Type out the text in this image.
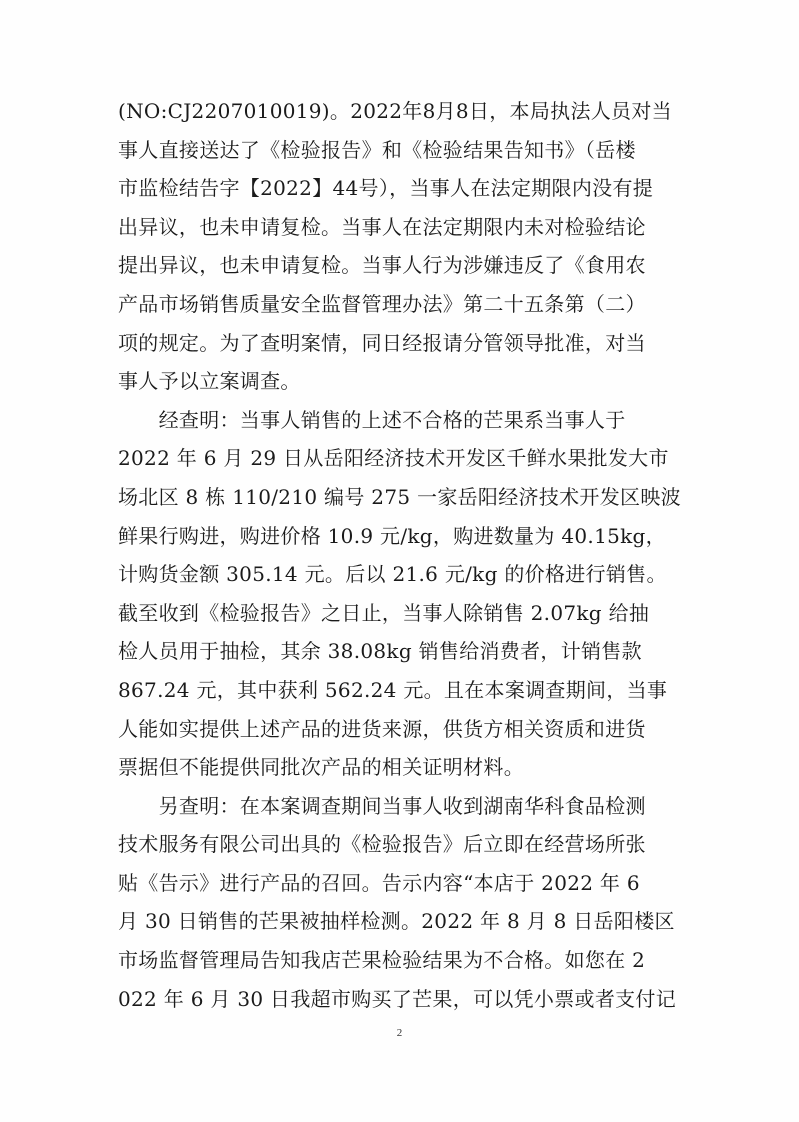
(NO:CJ2207010019)。2022年8月8日，本局执法人员对当
事人直接送达了《检验报告》和《检验结果告知书》（岳楼
市监检结告字【2022】44号），当事人在法定期限内没有提
出异议，也未申请复检。当事人在法定期限内未对检验结论
提出异议，也未申请复检。当事人行为涉嫌违反了《食用农
产品市场销售质量安全监督管理办法》第二十五条第（二）
项的规定。为了查明案情，同日经报请分管领导批准，对当
事人予以立案调查。
　　经查明：当事人销售的上述不合格的芒果系当事人于
2022 年 6 月 29 日从岳阳经济技术开发区千鲜水果批发大市
场北区 8 栋 110/210 编号 275 一家岳阳经济技术开发区映波
鲜果行购进，购进价格 10.9 元/kg，购进数量为 40.15kg，
计购货金额 305.14 元。后以 21.6 元/kg 的价格进行销售。
截至收到《检验报告》之日止，当事人除销售 2.07kg 给抽
检人员用于抽检，其余 38.08kg 销售给消费者，计销售款
867.24 元，其中获利 562.24 元。且在本案调查期间，当事
人能如实提供上述产品的进货来源，供货方相关资质和进货
票据但不能提供同批次产品的相关证明材料。
　　另查明：在本案调查期间当事人收到湖南华科食品检测
技术服务有限公司出具的《检验报告》后立即在经营场所张
贴《告示》进行产品的召回。告示内容“本店于 2022 年 6
月 30 日销售的芒果被抽样检测。2022 年 8 月 8 日岳阳楼区
市场监督管理局告知我店芒果检验结果为不合格。如您在 2
022 年 6 月 30 日我超市购买了芒果，可以凭小票或者支付记
2
